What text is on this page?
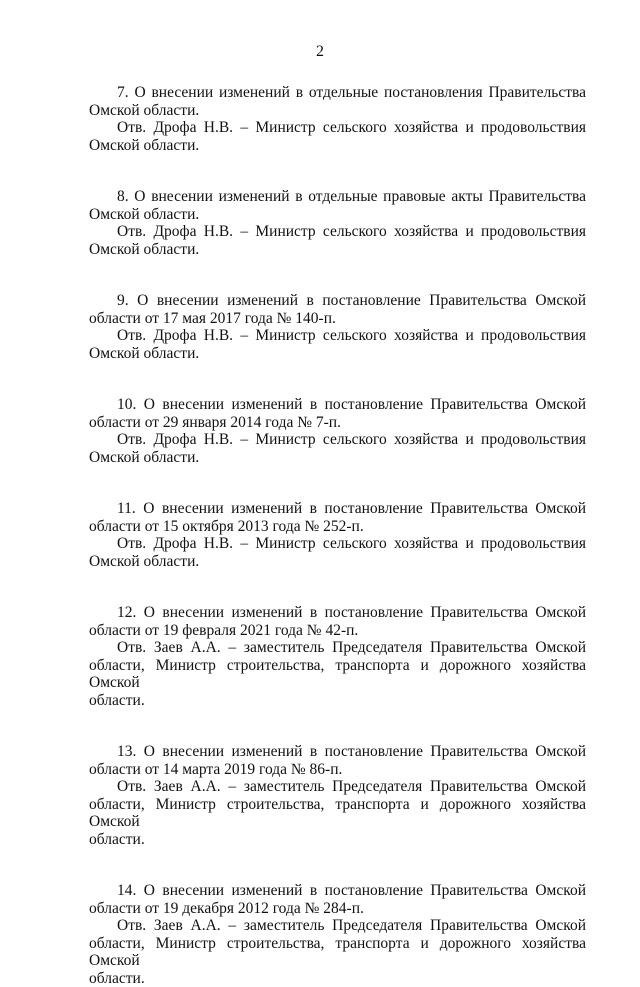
2
7. О внесении изменений в отдельные постановления Правительства
Омской области.
Отв. Дрофа Н.В. – Министр сельского хозяйства и продовольствия
Омской области.
8. О внесении изменений в отдельные правовые акты Правительства
Омской области.
Отв. Дрофа Н.В. – Министр сельского хозяйства и продовольствия
Омской области.
9. О внесении изменений в постановление Правительства Омской
области от 17 мая 2017 года № 140-п.
Отв. Дрофа Н.В. – Министр сельского хозяйства и продовольствия
Омской области.
10. О внесении изменений в постановление Правительства Омской
области от 29 января 2014 года № 7-п.
Отв. Дрофа Н.В. – Министр сельского хозяйства и продовольствия
Омской области.
11. О внесении изменений в постановление Правительства Омской
области от 15 октября 2013 года № 252-п.
Отв. Дрофа Н.В. – Министр сельского хозяйства и продовольствия
Омской области.
12. О внесении изменений в постановление Правительства Омской
области от 19 февраля 2021 года № 42-п.
Отв. Заев А.А. – заместитель Председателя Правительства Омской
области, Министр строительства, транспорта и дорожного хозяйства Омской
области.
13. О внесении изменений в постановление Правительства Омской
области от 14 марта 2019 года № 86-п.
Отв. Заев А.А. – заместитель Председателя Правительства Омской
области, Министр строительства, транспорта и дорожного хозяйства Омской
области.
14. О внесении изменений в постановление Правительства Омской
области от 19 декабря 2012 года № 284-п.
Отв. Заев А.А. – заместитель Председателя Правительства Омской
области, Министр строительства, транспорта и дорожного хозяйства Омской
области.
